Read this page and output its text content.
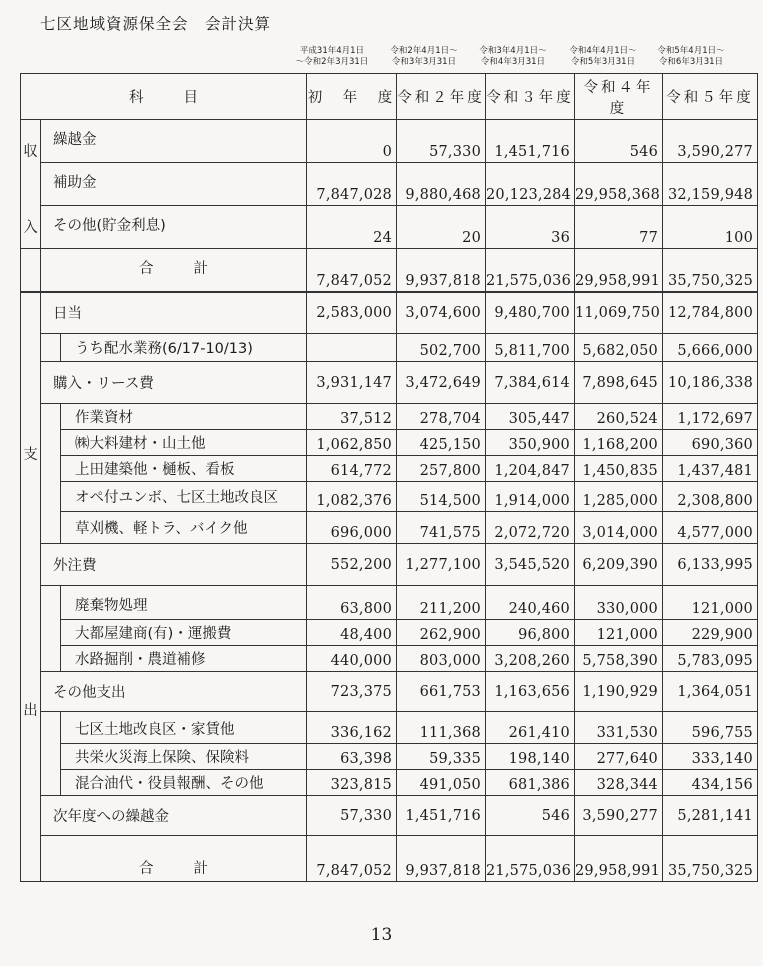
七区地域資源保全会　会計決算
平成31年4月1日
～令和2年3月31日
令和2年4月1日～
令和3年3月31日
令和3年4月1日～
令和4年3月31日
令和4年4月1日～
令和5年3月31日
令和5年4月1日～
令和6年3月31日
科目			初　年　度	令和２年度	令和３年度	令和４年度	令和５年度

収
入	繰越金		0	57,330	1,451,716	546	3,590,277
	補助金		7,847,028	9,880,468	20,123,284	29,958,368	32,159,948
	その他(貯金利息)		24	20	36	77	100
	合計		7,847,052	9,937,818	21,575,036	29,958,991	35,750,325

支
出	日当		2,583,000	3,074,600	9,480,700	11,069,750	12,784,800
		うち配水業務(6/17-10/13)		502,700	5,811,700	5,682,050	5,666,000
	購入・リース費		3,931,147	3,472,649	7,384,614	7,898,645	10,186,338
		作業資材	37,512	278,704	305,447	260,524	1,172,697
		㈱大料建材・山土他	1,062,850	425,150	350,900	1,168,200	690,360
		上田建築他・樋板、看板	614,772	257,800	1,204,847	1,450,835	1,437,481
		オペ付ユンボ、七区土地改良区	1,082,376	514,500	1,914,000	1,285,000	2,308,800
		草刈機、軽トラ、バイク他	696,000	741,575	2,072,720	3,014,000	4,577,000
	外注費		552,200	1,277,100	3,545,520	6,209,390	6,133,995
		廃棄物処理	63,800	211,200	240,460	330,000	121,000
		大都屋建商(有)・運搬費	48,400	262,900	96,800	121,000	229,900
		水路掘削・農道補修	440,000	803,000	3,208,260	5,758,390	5,783,095
	その他支出		723,375	661,753	1,163,656	1,190,929	1,364,051
		七区土地改良区・家賃他	336,162	111,368	261,410	331,530	596,755
		共栄火災海上保険、保険料	63,398	59,335	198,140	277,640	333,140
		混合油代・役員報酬、その他	323,815	491,050	681,386	328,344	434,156
	次年度への繰越金		57,330	1,451,716	546	3,590,277	5,281,141
	合計		7,847,052	9,937,818	21,575,036	29,958,991	35,750,325
13
